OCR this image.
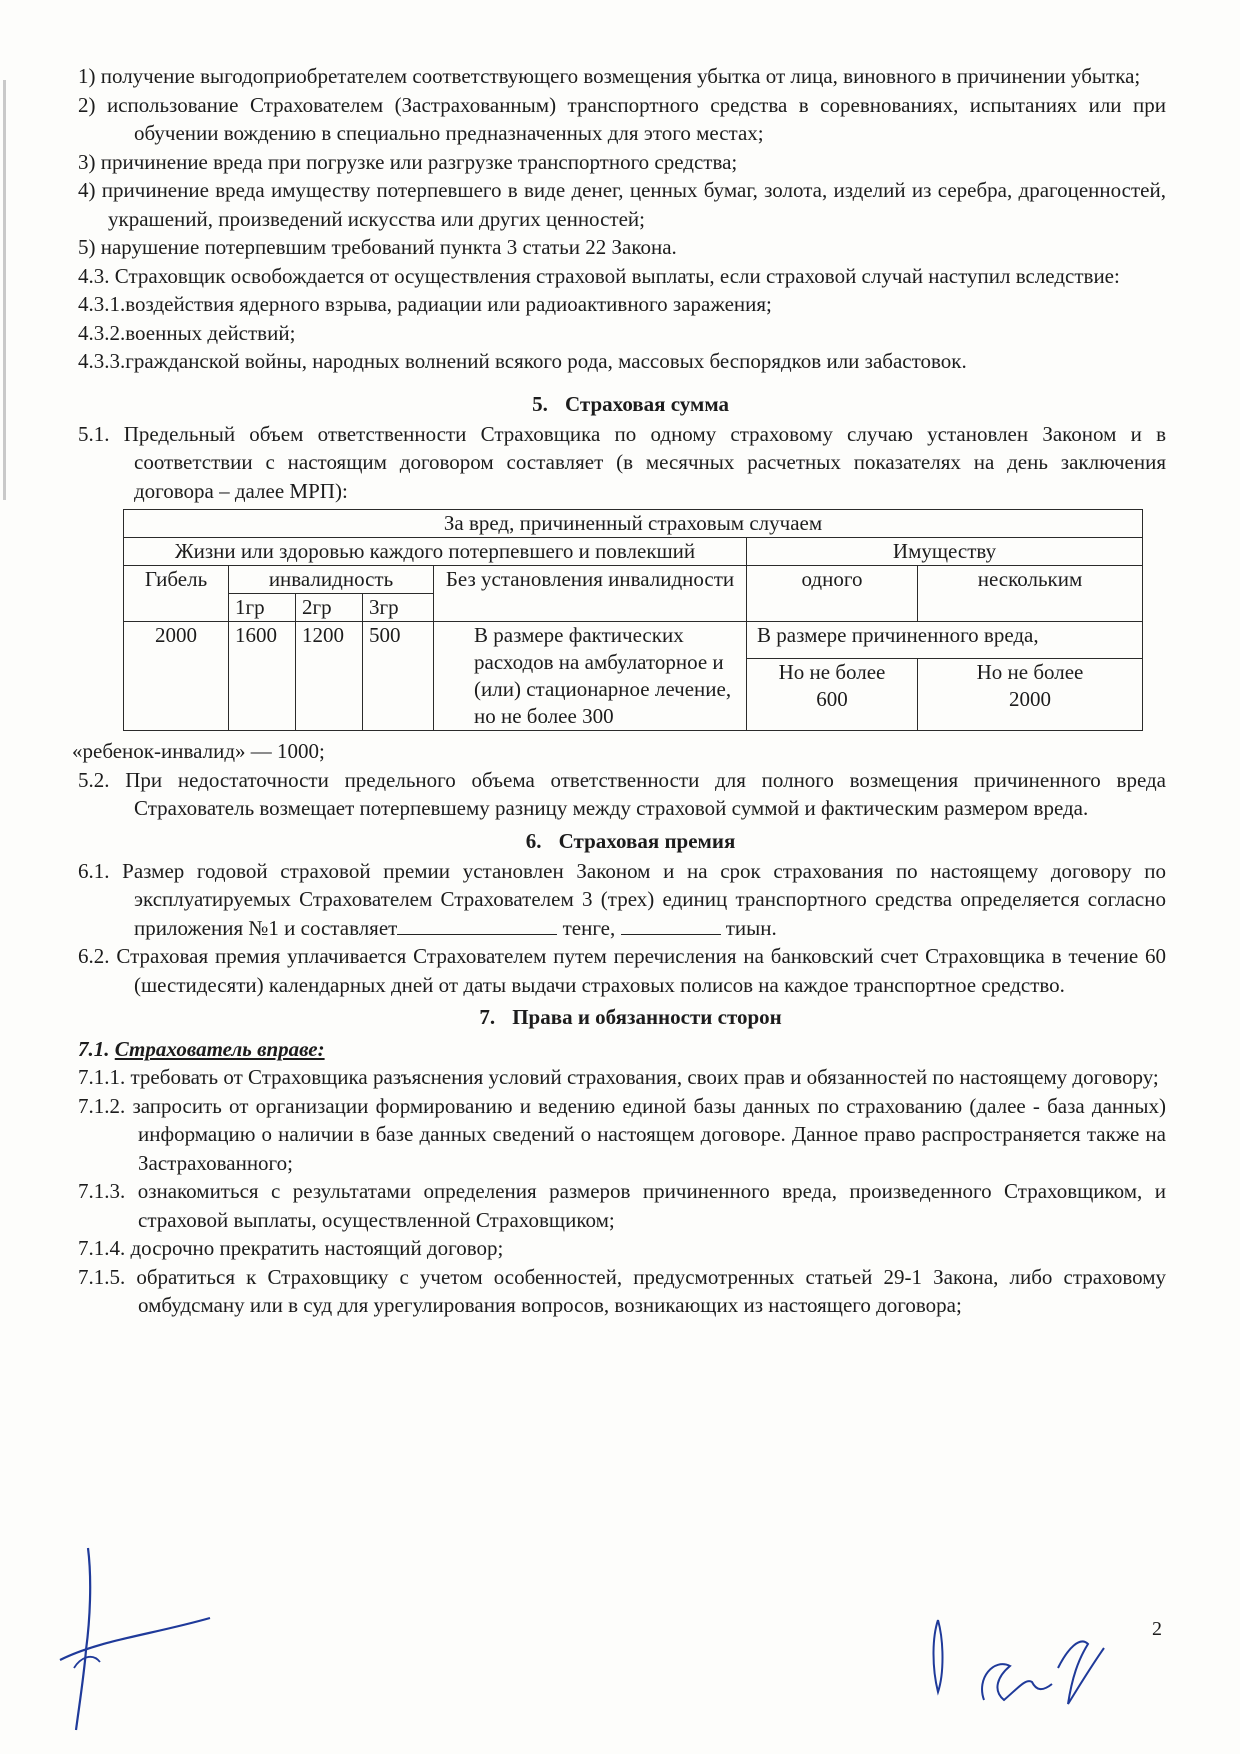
1) получение выгодоприобретателем соответствующего возмещения убытка от лица, виновного в причинении убытка;
2) использование Страхователем (Застрахованным) транспортного средства в соревнованиях, испытаниях или при обучении вождению в специально предназначенных для этого местах;
3) причинение вреда при погрузке или разгрузке транспортного средства;
4) причинение вреда имуществу потерпевшего в виде денег, ценных бумаг, золота, изделий из серебра, драгоценностей, украшений, произведений искусства или других ценностей;
5) нарушение потерпевшим требований пункта 3 статьи 22 Закона.
4.3. Страховщик освобождается от осуществления страховой выплаты, если страховой случай наступил вследствие:
4.3.1.воздействия ядерного взрыва, радиации или радиоактивного заражения;
4.3.2.военных действий;
4.3.3.гражданской войны, народных волнений всякого рода, массовых беспорядков или забастовок.
5. Страховая сумма
5.1. Предельный объем ответственности Страховщика по одному страховому случаю установлен Законом и в соответствии с настоящим договором составляет (в месячных расчетных показателях на день заключения договора – далее МРП):
За вред, причиненный страховым случаем						
Жизни или здоровью каждого потерпевшего и повлекший					Имуществу	
Гибель	инвалидность			Без установления инвалидности	одного	нескольким
	1гр	2гр	3гр			
2000	1600	1200	500	В размере фактических расходов на амбулаторное и (или) стационарное лечение, но не более 300	В размере причиненного вреда,	
					Но не более 600	Но не более 2000
«ребенок-инвалид» — 1000;
5.2. При недостаточности предельного объема ответственности для полного возмещения причиненного вреда Страхователь возмещает потерпевшему разницу между страховой суммой и фактическим размером вреда.
6. Страховая премия
6.1. Размер годовой страховой премии установлен Законом и на срок страхования по настоящему договору по эксплуатируемых Страхователем Страхователем 3 (трех) единиц транспортного средства определяется согласно приложения №1 и составляет	тенге,	тиын.
6.2. Страховая премия уплачивается Страхователем путем перечисления на банковский счет Страховщика в течение 60 (шестидесяти) календарных дней от даты выдачи страховых полисов на каждое транспортное средство.
7. Права и обязанности сторон
7.1. Страхователь вправе:
7.1.1. требовать от Страховщика разъяснения условий страхования, своих прав и обязанностей по настоящему договору;
7.1.2. запросить от организации формированию и ведению единой базы данных по страхованию (далее - база данных) информацию о наличии в базе данных сведений о настоящем договоре. Данное право распространяется также на Застрахованного;
7.1.3. ознакомиться с результатами определения размеров причиненного вреда, произведенного Страховщиком, и страховой выплаты, осуществленной Страховщиком;
7.1.4. досрочно прекратить настоящий договор;
7.1.5. обратиться к Страховщику с учетом особенностей, предусмотренных статьей 29-1 Закона, либо страховому омбудсману или в суд для урегулирования вопросов, возникающих из настоящего договора;
2
